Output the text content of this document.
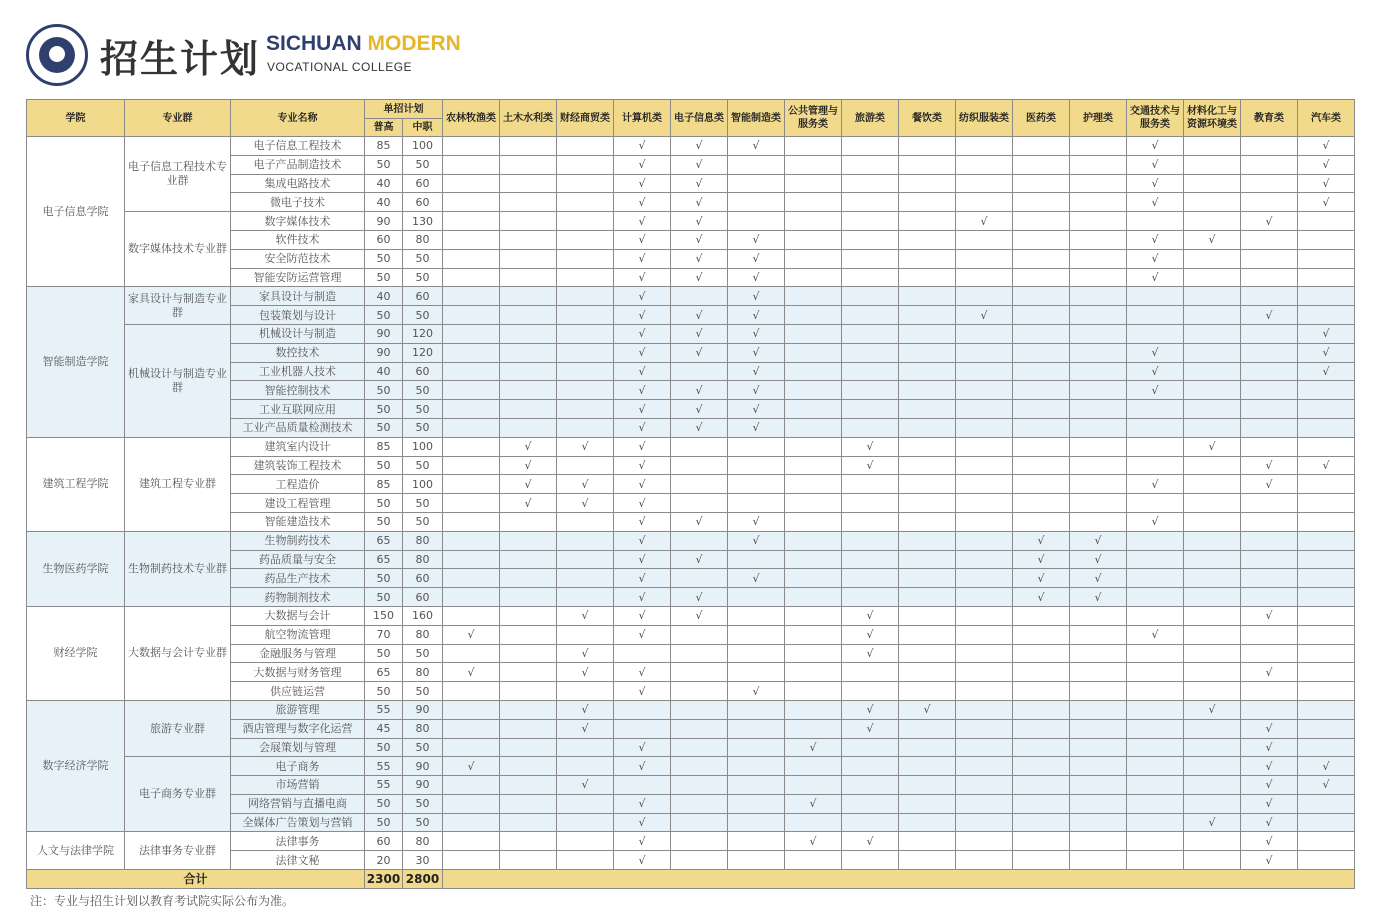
招生计划 SICHUAN MODERN
VOCATIONAL COLLEGE
学院	专业群	专业名称	单招计划		农林牧渔类	土木水利类	财经商贸类	计算机类	电子信息类	智能制造类	公共管理与服务类	旅游类	餐饮类	纺织服装类	医药类	护理类	交通技术与服务类	材料化工与资源环境类	教育类	汽车类
			普高	中职																
电子信息学院	电子信息工程技术专业群	电子信息工程技术	85	100				√	√	√							√			√
		电子产品制造技术	50	50				√	√								√			√
		集成电路技术	40	60				√	√								√			√
		微电子技术	40	60				√	√								√			√
	数字媒体技术专业群	数字媒体技术	90	130				√	√					√					√	
		软件技术	60	80				√	√	√							√	√		
		安全防范技术	50	50				√	√	√							√			
		智能安防运营管理	50	50				√	√	√							√			
智能制造学院	家具设计与制造专业群	家具设计与制造	40	60				√		√										
		包装策划与设计	50	50				√	√	√				√					√	
	机械设计与制造专业群	机械设计与制造	90	120				√	√	√										√
		数控技术	90	120				√	√	√							√			√
		工业机器人技术	40	60				√		√							√			√
		智能控制技术	50	50				√	√	√							√			
		工业互联网应用	50	50				√	√	√										
		工业产品质量检测技术	50	50				√	√	√										
建筑工程学院	建筑工程专业群	建筑室内设计	85	100		√	√	√				√						√		
		建筑装饰工程技术	50	50		√		√				√							√	√
		工程造价	85	100		√	√	√									√		√	
		建设工程管理	50	50		√	√	√												
		智能建造技术	50	50				√	√	√							√			
生物医药学院	生物制药技术专业群	生物制药技术	65	80				√		√					√	√				
		药品质量与安全	65	80				√	√						√	√				
		药品生产技术	50	60				√		√					√	√				
		药物制剂技术	50	60				√	√						√	√				
财经学院	大数据与会计专业群	大数据与会计	150	160			√	√	√			√							√	
		航空物流管理	70	80	√			√				√					√			
		金融服务与管理	50	50			√					√								
		大数据与财务管理	65	80	√		√	√											√	
		供应链运营	50	50				√		√										
数字经济学院	旅游专业群	旅游管理	55	90			√					√	√					√		
		酒店管理与数字化运营	45	80			√					√							√	
		会展策划与管理	50	50				√			√								√	
	电子商务专业群	电子商务	55	90	√			√											√	√
		市场营销	55	90			√												√	√
		网络营销与直播电商	50	50				√			√								√	
		全媒体广告策划与营销	50	50				√										√	√	
人文与法律学院	法律事务专业群	法律事务	60	80				√			√	√							√	
		法律文秘	20	30				√											√	
合计			2300	2800																
注：专业与招生计划以教育考试院实际公布为准。
